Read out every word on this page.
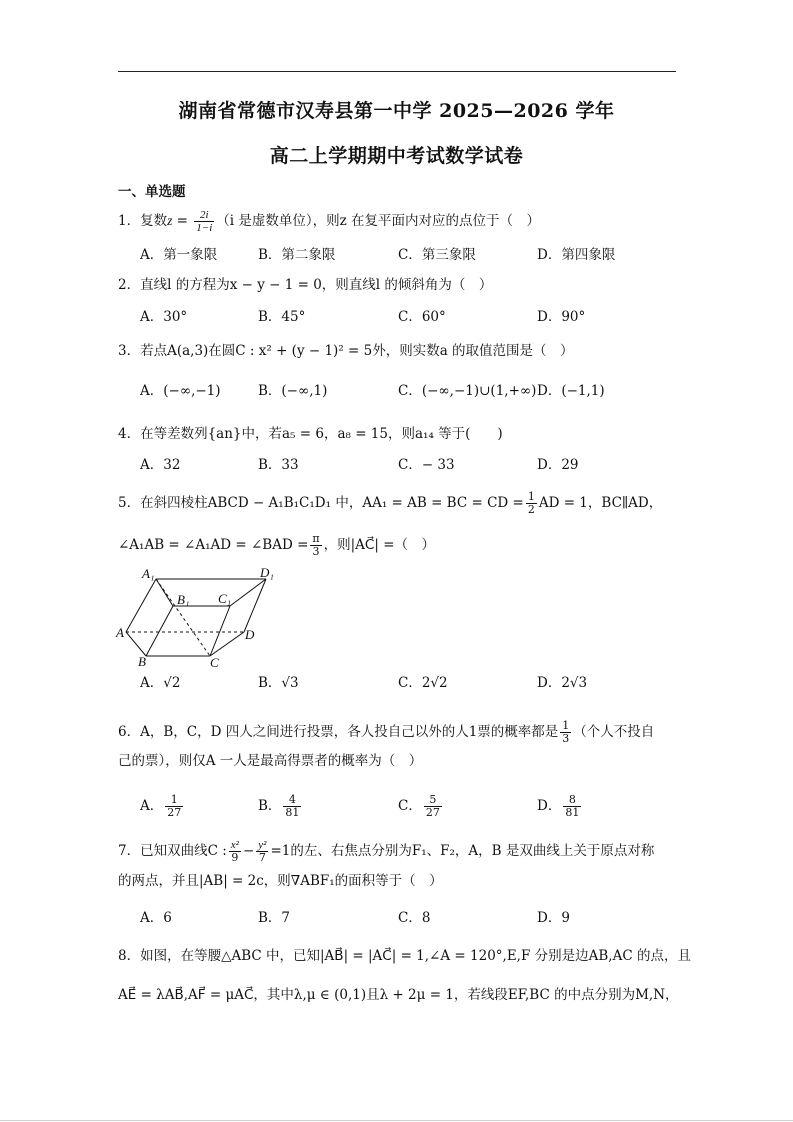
湖南省常德市汉寿县第一中学 2025—2026 学年
高二上学期期中考试数学试卷
一、单选题
1．复数$z = \frac{2i}{1-i} (i$ 是虚数单位），则z 在复平面内对应的点位于（　）
A．第一象限	B．第二象限	C．第三象限	D．第四象限
2．直线l 的方程为x − y − 1 = 0，则直线l 的倾斜角为（　）
A．30°	B．45°	C．60°	D．90°
3．若点A(a,3)在圆C : x² + (y − 1)² = 5外，则实数a 的取值范围是（　）
A．(−∞,−1)	B．(−∞,1)	C．(−∞,−1)∪(1,+∞) D．(−1,1)
4．在等差数列{an}中，若a₅ = 6，a₈ = 15，则a₁₄ 等于(　　)
A．32	B．33	C．− 33	D．29
5．在斜四棱柱ABCD − A₁B₁C₁D₁ 中，AA₁ = AB = BC = CD = $\frac{1}{2}$ AD = 1，BC∥AD，
∠A₁AB = ∠A₁AD = ∠BAD = $\frac{\pi}{3}$ ，则|AC⃗| =（　）
A₁	D₁
B₁ C₁
A	D
B	C
A．√2	B．√3	C．2√2	D．2√3
6．A，B，C，D 四人之间进行投票，各人投自己以外的人1票的概率都是 $\frac{1}{3}$ （个人不投自
己的票），则仅A 一人是最高得票者的概率为（　）
A． $\frac{1}{27}$	B． $\frac{4}{81}$	C． $\frac{5}{27}$	D． $\frac{8}{81}$
7．已知双曲线C : $\frac{\text{x²}}{9} - \frac{\text{y²}}{7} =1$的左、右焦点分别为F₁、F₂，A，B 是双曲线上关于原点对称
的两点，并且|AB| = 2c，则∇ABF₁的面积等于（　）
A．6	B．7	C．8	D．9
8．如图，在等腰△ABC 中，已知|AB⃗| = |AC⃗| = 1,∠A = 120°,E,F 分别是边AB,AC 的点，且
AE⃗ = λAB⃗,AF⃗ = μAC⃗，其中λ,μ ∈ (0,1)且λ + 2μ = 1，若线段EF,BC 的中点分别为M,N，
